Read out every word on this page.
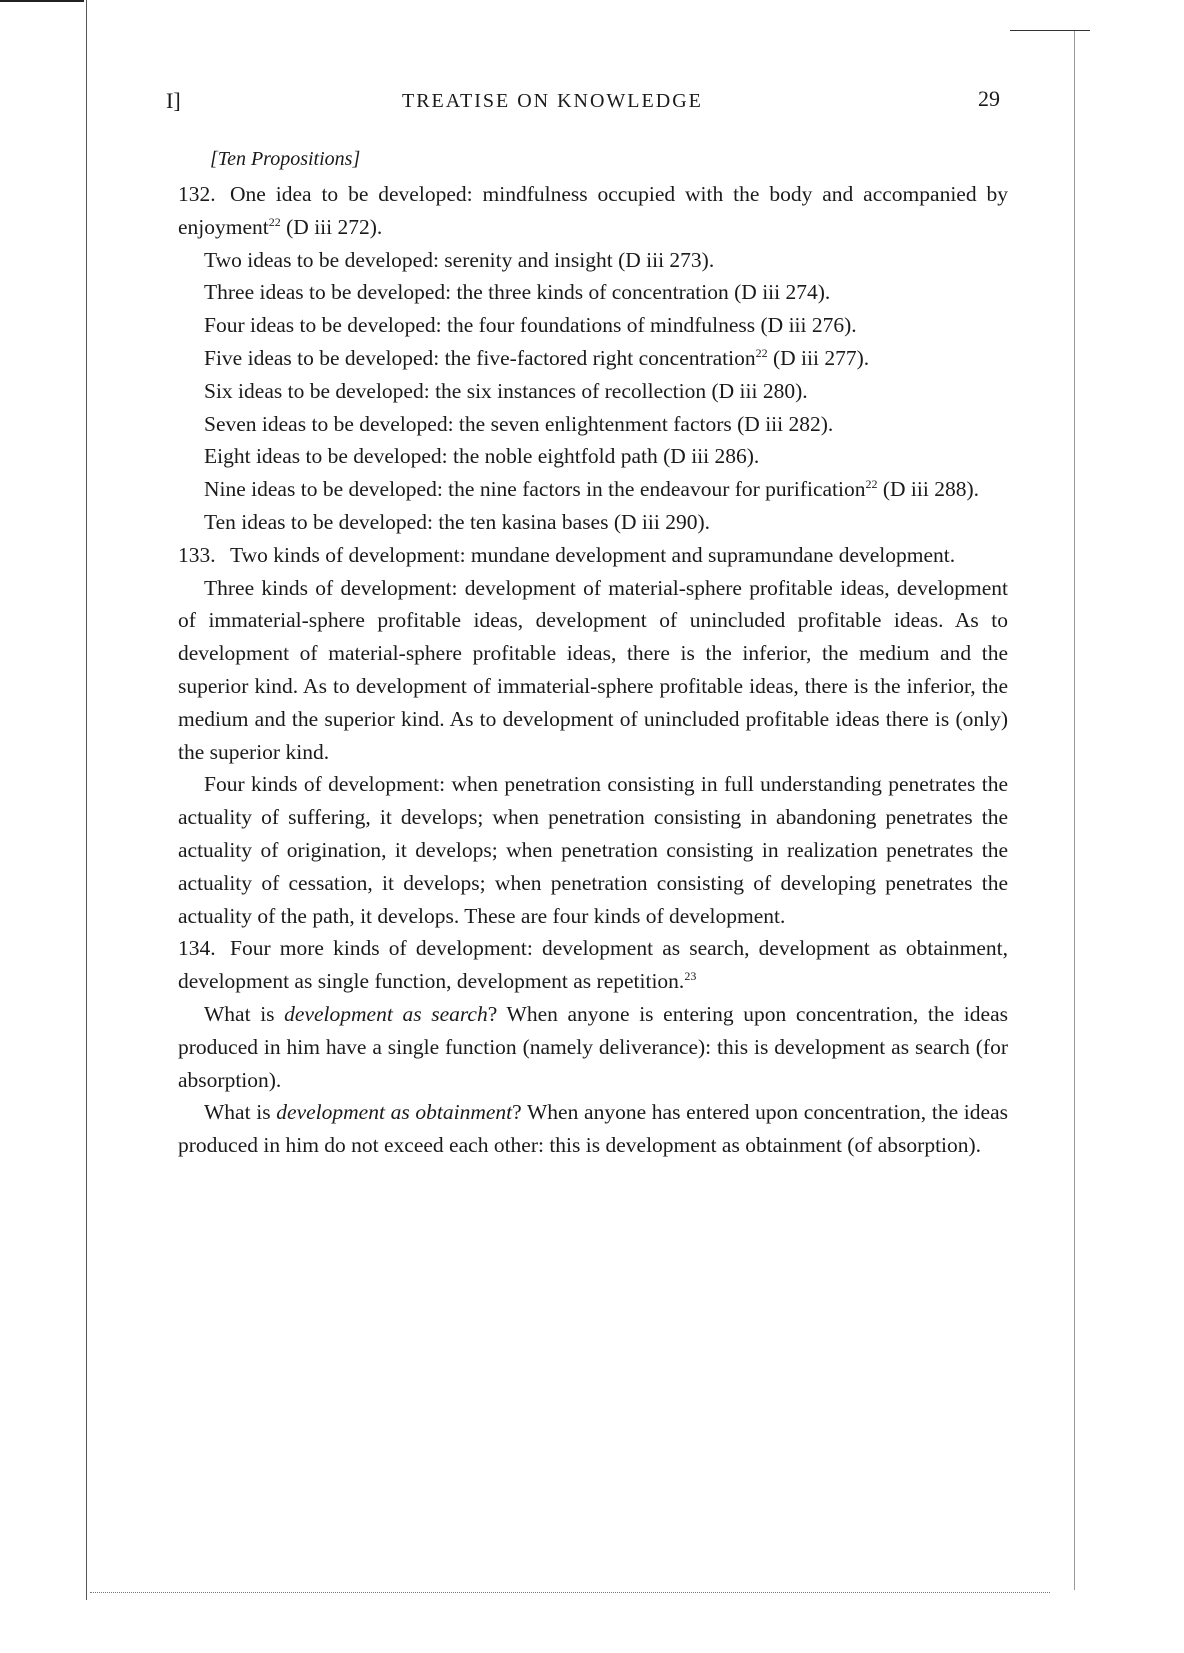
I]	TREATISE ON KNOWLEDGE	29
[Ten Propositions]

132. One idea to be developed: mindfulness occupied with the body and accompanied by enjoyment$^{22}$ (D iii 272).

Two ideas to be developed: serenity and insight (D iii 273).

Three ideas to be developed: the three kinds of concentration (D iii 274).

Four ideas to be developed: the four foundations of mindfulness (D iii 276).

Five ideas to be developed: the five-factored right concentration$^{22}$ (D iii 277).

Six ideas to be developed: the six instances of recollection (D iii 280).

Seven ideas to be developed: the seven enlightenment factors (D iii 282).

Eight ideas to be developed: the noble eightfold path (D iii 286).

Nine ideas to be developed: the nine factors in the endeavour for purification$^{22}$ (D iii 288).

Ten ideas to be developed: the ten kasina bases (D iii 290).

133. Two kinds of development: mundane development and supramundane development.

Three kinds of development: development of material-sphere profitable ideas, development of immaterial-sphere profitable ideas, development of unincluded profitable ideas. As to development of material-sphere profitable ideas, there is the inferior, the medium and the superior kind. As to development of immaterial-sphere profitable ideas, there is the inferior, the medium and the superior kind. As to development of unincluded profitable ideas there is (only) the superior kind.

Four kinds of development: when penetration consisting in full understanding penetrates the actuality of suffering, it develops; when penetration consisting in abandoning penetrates the actuality of origination, it develops; when penetration consisting in realization penetrates the actuality of cessation, it develops; when penetration consisting of developing penetrates the actuality of the path, it develops. These are four kinds of development.

134. Four more kinds of development: development as search, development as obtainment, development as single function, development as repetition.$^{23}$

What is development as search? When anyone is entering upon concentration, the ideas produced in him have a single function (namely deliverance): this is development as search (for absorption).

What is development as obtainment? When anyone has entered upon concentration, the ideas produced in him do not exceed each other: this is development as obtainment (of absorption).
